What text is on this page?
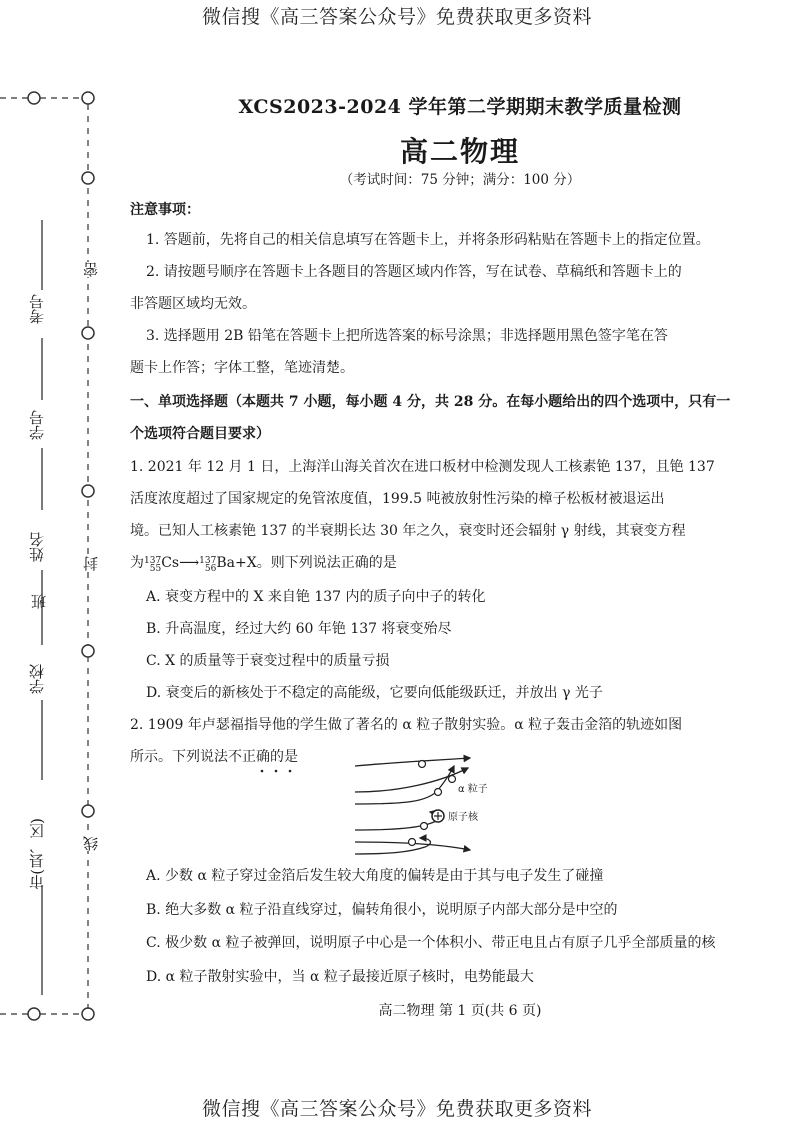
微信搜《高三答案公众号》免费获取更多资料
微信搜《高三答案公众号》免费获取更多资料
考号
学号
姓名
班
学校
市(县、区)
密
封
线
XCS2023-2024 学年第二学期期末教学质量检测
高二物理
（考试时间：75 分钟；满分：100 分）
注意事项：
1. 答题前，先将自己的相关信息填写在答题卡上，并将条形码粘贴在答题卡上的指定位置。
2. 请按题号顺序在答题卡上各题目的答题区域内作答，写在试卷、草稿纸和答题卡上的
非答题区域均无效。
3. 选择题用 2B 铅笔在答题卡上把所选答案的标号涂黑；非选择题用黑色签字笔在答
题卡上作答；字体工整，笔迹清楚。
一、单项选择题（本题共 7 小题，每小题 4 分，共 28 分。在每小题给出的四个选项中，只有一
个选项符合题目要求）
1. 2021 年 12 月 1 日，上海洋山海关首次在进口板材中检测发现人工核素铯 137，且铯 137
活度浓度超过了国家规定的免管浓度值，199.5 吨被放射性污染的樟子松板材被退运出
境。已知人工核素铯 137 的半衰期长达 30 年之久，衰变时还会辐射 γ 射线，其衰变方程
为 137
55 Cs⟶ 137
56 Ba+X。则下列说法正确的是
A. 衰变方程中的 X 来自铯 137 内的质子向中子的转化
B. 升高温度，经过大约 60 年铯 137 将衰变殆尽
C. X 的质量等于衰变过程中的质量亏损
D. 衰变后的新核处于不稳定的高能级，它要向低能级跃迁，并放出 γ 光子
2. 1909 年卢瑟福指导他的学生做了著名的 α 粒子散射实验。α 粒子轰击金箔的轨迹如图
所示。下列说法不正确的是
α 粒子
原子核
A. 少数 α 粒子穿过金箔后发生较大角度的偏转是由于其与电子发生了碰撞
B. 绝大多数 α 粒子沿直线穿过，偏转角很小，说明原子内部大部分是中空的
C. 极少数 α 粒子被弹回，说明原子中心是一个体积小、带正电且占有原子几乎全部质量的核
D. α 粒子散射实验中，当 α 粒子最接近原子核时，电势能最大
高二物理 第 1 页(共 6 页)
